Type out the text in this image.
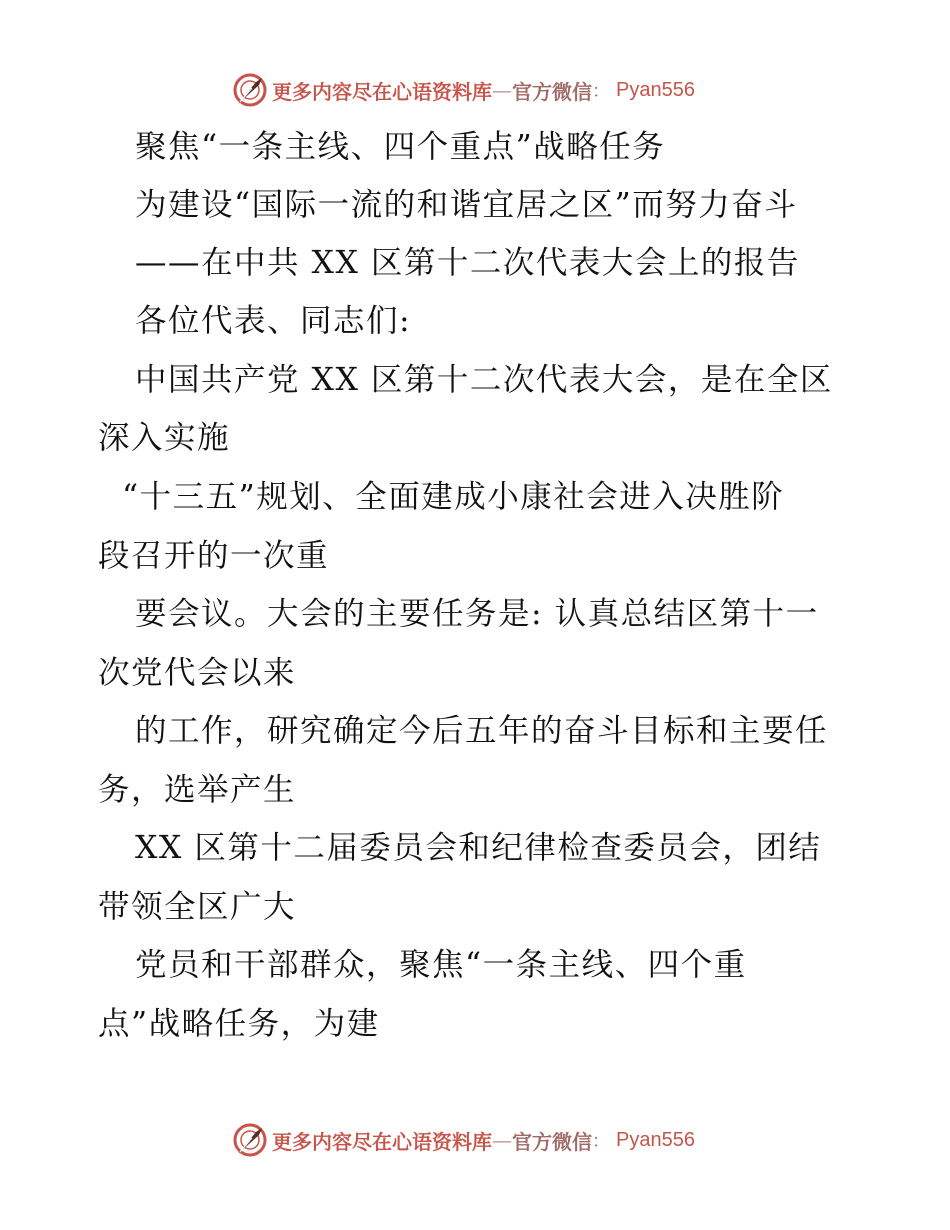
更多内容尽在心语资料库 — 官方微信 ： Pyan556
聚焦“一条主线、四个重点”战略任务
为建设“国际一流的和谐宜居之区”而努力奋斗
——在中共 XX 区第十二次代表大会上的报告
各位代表、同志们:
中国共产党 XX 区第十二次代表大会，是在全区
深入实施
“十三五”规划、全面建成小康社会进入决胜阶
段召开的一次重
要会议。大会的主要任务是: 认真总结区第十一
次党代会以来
的工作，研究确定今后五年的奋斗目标和主要任
务，选举产生
XX 区第十二届委员会和纪律检查委员会，团结
带领全区广大
党员和干部群众，聚焦“一条主线、四个重
点”战略任务，为建
更多内容尽在心语资料库 — 官方微信 ： Pyan556
